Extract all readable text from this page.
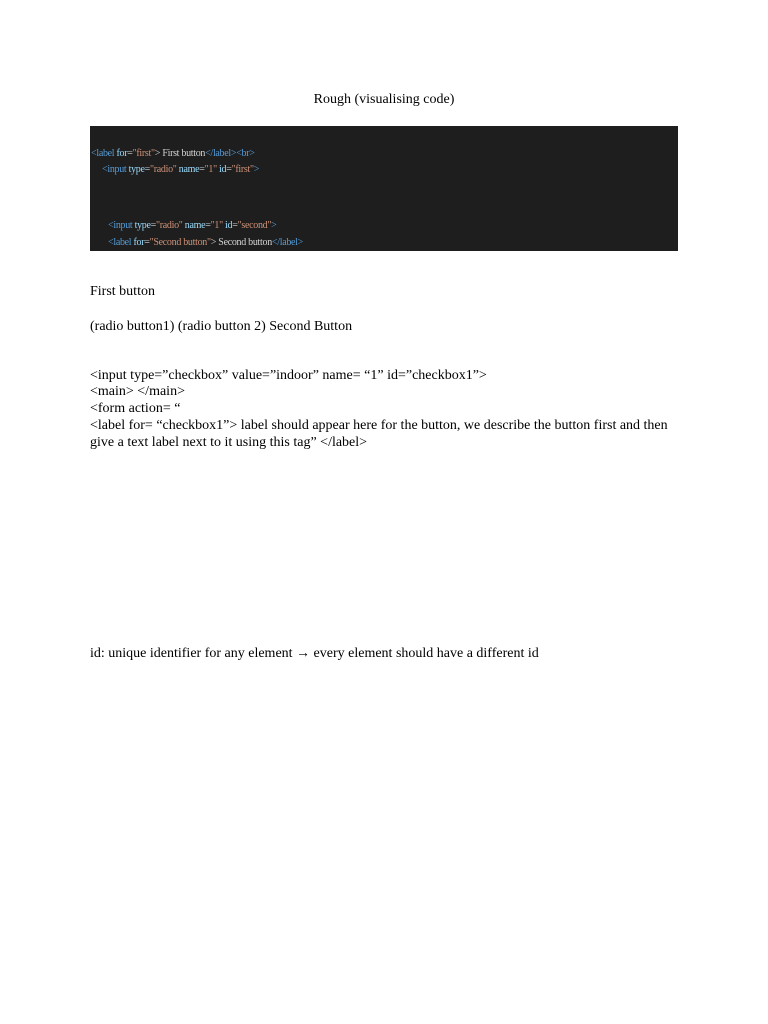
Rough (visualising code)
<label for="first"> First button</label><br>
<input type="radio" name="1" id="first">
<input type="radio" name="1" id="second">
<label for="Second button"> Second button</label>
First button
(radio button1) (radio button 2) Second Button
<input type=”checkbox” value=”indoor” name= “1” id=”checkbox1”>
<main> </main>
<form action= “
<label for= “checkbox1”> label should appear here for the button, we describe the button first and then give a text label next to it using this tag” </label>
id: unique identifier for any element → every element should have a different id
